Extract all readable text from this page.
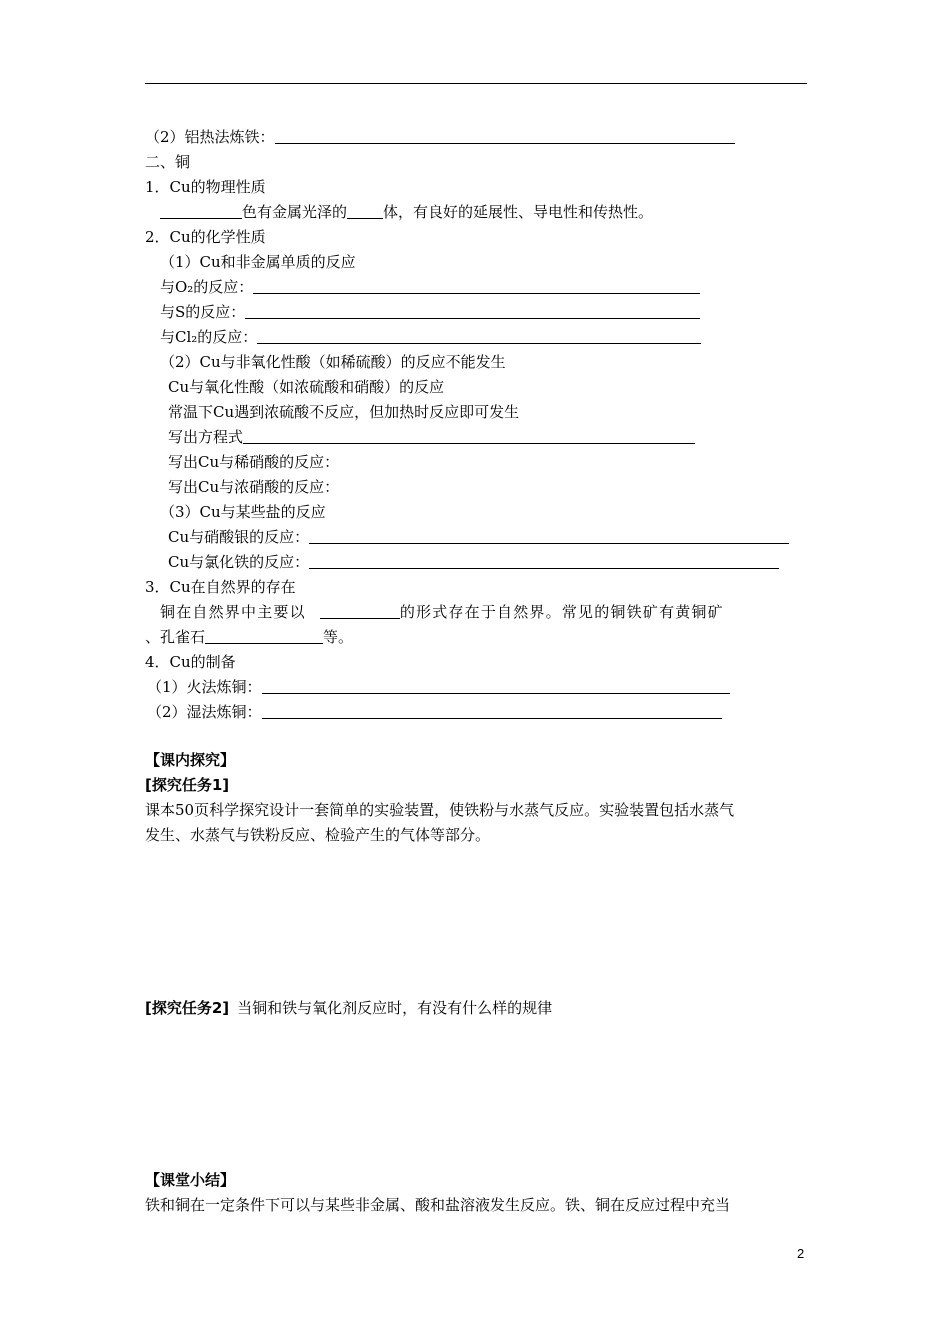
（2）铝热法炼铁：
二、铜
1．Cu的物理性质
色有金属光泽的 体，有良好的延展性、导电性和传热性。
2．Cu的化学性质
（1）Cu和非金属单质的反应
与O₂的反应：
与S的反应：
与Cl₂的反应：
（2）Cu与非氧化性酸（如稀硫酸）的反应不能发生
Cu与氧化性酸（如浓硫酸和硝酸）的反应
常温下Cu遇到浓硫酸不反应，但加热时反应即可发生
写出方程式
写出Cu与稀硝酸的反应：
写出Cu与浓硝酸的反应：
（3）Cu与某些盐的反应
Cu与硝酸银的反应：
Cu与氯化铁的反应：
3．Cu在自然界的存在
铜在自然界中主要以	的形式存在于自然界。常见的铜铁矿有黄铜矿
、孔雀石	等。
4．Cu的制备
（1）火法炼铜：
（2）湿法炼铜：
【课内探究】
[探究任务1]
课本50页科学探究设计一套简单的实验装置，使铁粉与水蒸气反应。实验装置包括水蒸气
发生、水蒸气与铁粉反应、检验产生的气体等部分。
[探究任务2] 当铜和铁与氧化剂反应时，有没有什么样的规律
【课堂小结】
铁和铜在一定条件下可以与某些非金属、酸和盐溶液发生反应。铁、铜在反应过程中充当
2
